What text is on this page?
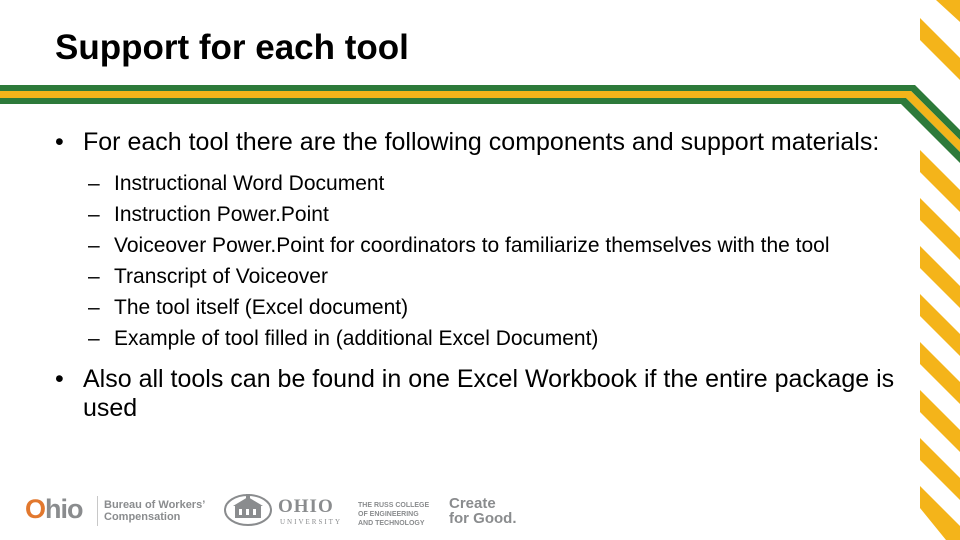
Support for each tool
• For each tool there are the following components and support materials:
– Instructional Word Document
– Instruction Power.Point
– Voiceover Power.Point for coordinators to familiarize themselves with the tool
– Transcript of Voiceover
– The tool itself (Excel document)
– Example of tool filled in (additional Excel Document)
• Also all tools can be found in one Excel Workbook if the entire package is used
Ohio Bureau of Workers’
Compensation	OHIO
UNIVERSITY
THE RUSS COLLEGE
OF ENGINEERING
AND TECHNOLOGY
Create
for Good.
